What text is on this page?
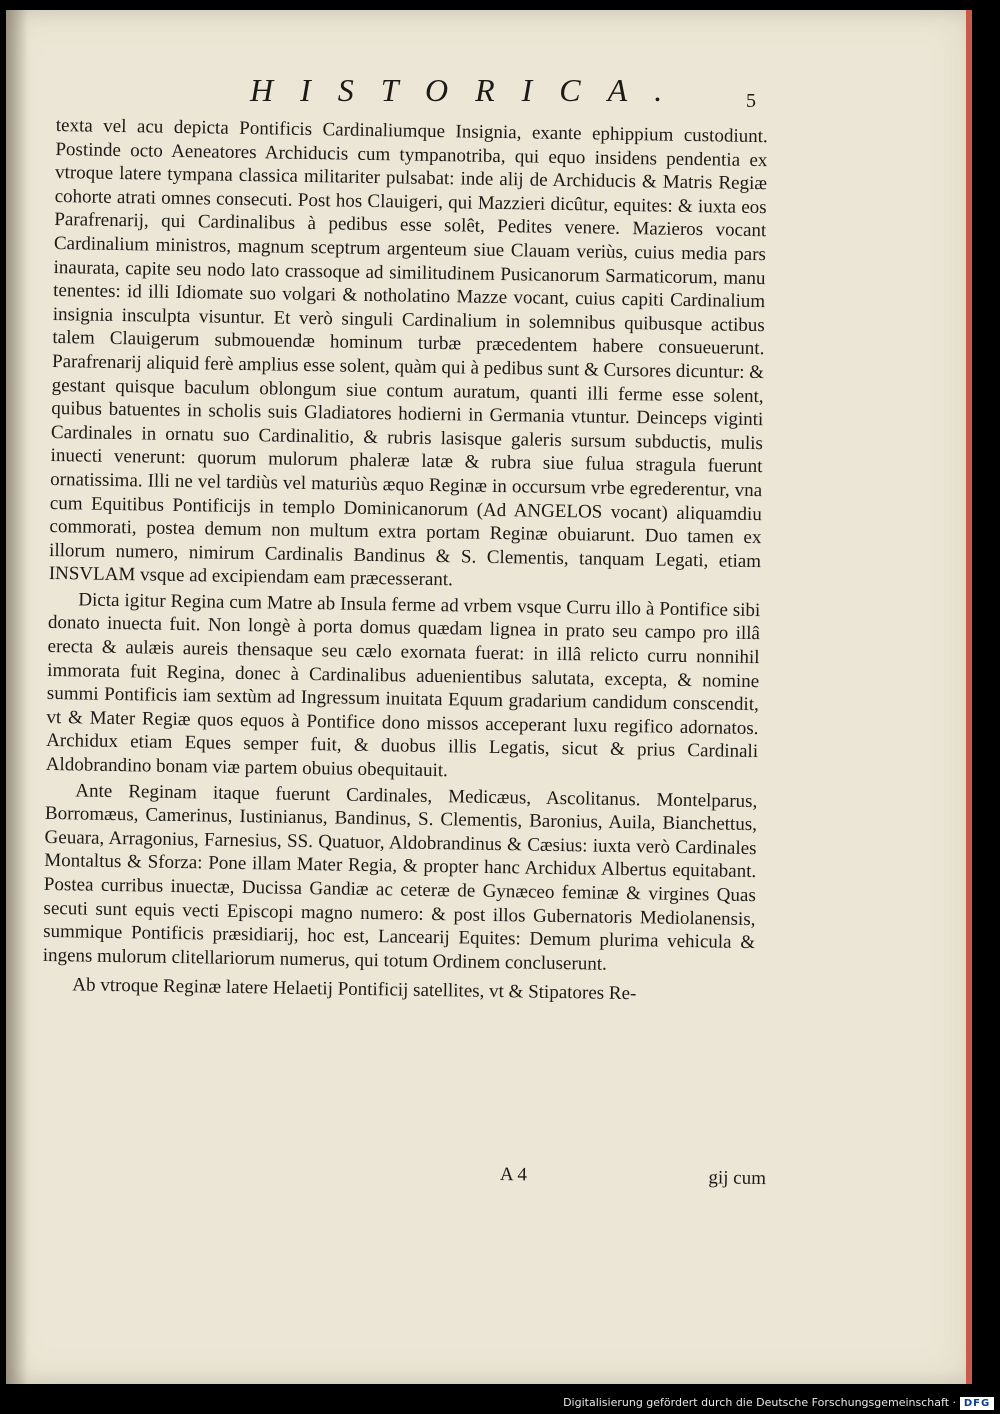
HISTORICA.	5

texta vel acu depicta Pontificis Cardinaliumque Insignia, exante ephippium custodiunt. Postinde octo Aeneatores Archiducis cum tympanotriba, qui equo insidens pendentia ex vtroque latere tympana classica militariter pulsabat: inde alij de Archiducis & Matris Regiæ cohorte atrati omnes consecuti. Post hos Clauigeri, qui Mazzieri dicûtur, equites: & iuxta eos Parafrenarij, qui Cardinalibus à pedibus esse solêt, Pedites venere. Mazieros vocant Cardinalium ministros, magnum sceptrum argenteum siue Clauam veriùs, cuius media pars inaurata, capite seu nodo lato crassoque ad similitudinem Pusicanorum Sarmaticorum, manu tenentes: id illi Idiomate suo volgari & notholatino Mazze vocant, cuius capiti Cardinalium insignia insculpta visuntur. Et verò singuli Cardinalium in solemnibus quibusque actibus talem Clauigerum submouendæ hominum turbæ præcedentem habere consueuerunt. Parafrenarij aliquid ferè amplius esse solent, quàm qui à pedibus sunt & Cursores dicuntur: & gestant quisque baculum oblongum siue contum auratum, quanti illi ferme esse solent, quibus batuentes in scholis suis Gladiatores hodierni in Germania vtuntur. Deinceps viginti Cardinales in ornatu suo Cardinalitio, & rubris lasisque galeris sursum subductis, mulis inuecti venerunt: quorum mulorum phaleræ latæ & rubra siue fulua stragula fuerunt ornatissima. Illi ne vel tardiùs vel maturiùs æquo Reginæ in occursum vrbe egrederentur, vna cum Equitibus Pontificijs in templo Dominicanorum (Ad ANGELOS vocant) aliquamdiu commorati, postea demum non multum extra portam Reginæ obuiarunt. Duo tamen ex illorum numero, nimirum Cardinalis Bandinus & S. Clementis, tanquam Legati, etiam INSVLAM vsque ad excipiendam eam præcesserant.

Dicta igitur Regina cum Matre ab Insula ferme ad vrbem vsque Curru illo à Pontifice sibi donato inuecta fuit. Non longè à porta domus quædam lignea in prato seu campo pro illâ erecta & aulæis aureis thensaque seu cælo exornata fuerat: in illâ relicto curru nonnihil immorata fuit Regina, donec à Cardinalibus aduenientibus salutata, excepta, & nomine summi Pontificis iam sextùm ad Ingressum inuitata Equum gradarium candidum conscendit, vt & Mater Regiæ quos equos à Pontifice dono missos acceperant luxu regifico adornatos. Archidux etiam Eques semper fuit, & duobus illis Legatis, sicut & prius Cardinali Aldobrandino bonam viæ partem obuius obequitauit.

Ante Reginam itaque fuerunt Cardinales, Medicæus, Ascolitanus. Montelparus, Borromæus, Camerinus, Iustinianus, Bandinus, S. Clementis, Baronius, Auila, Bianchettus, Geuara, Arragonius, Farnesius, SS. Quatuor, Aldobrandinus & Cæsius: iuxta verò Cardinales Montaltus & Sforza: Pone illam Mater Regia, & propter hanc Archidux Albertus equitabant. Postea curribus inuectæ, Ducissa Gandiæ ac ceteræ de Gynæceo feminæ & virgines Quas secuti sunt equis vecti Episcopi magno numero: & post illos Gubernatoris Mediolanensis, summique Pontificis præsidiarij, hoc est, Lancearij Equites: Demum plurima vehicula & ingens mulorum clitellariorum numerus, qui totum Ordinem concluserunt.

Ab vtroque Reginæ latere Helaetij Pontificij satellites, vt & Stipatores Re-

A 4	gij cum
Digitalisierung gefördert durch die Deutsche Forschungsgemeinschaft · DFG
